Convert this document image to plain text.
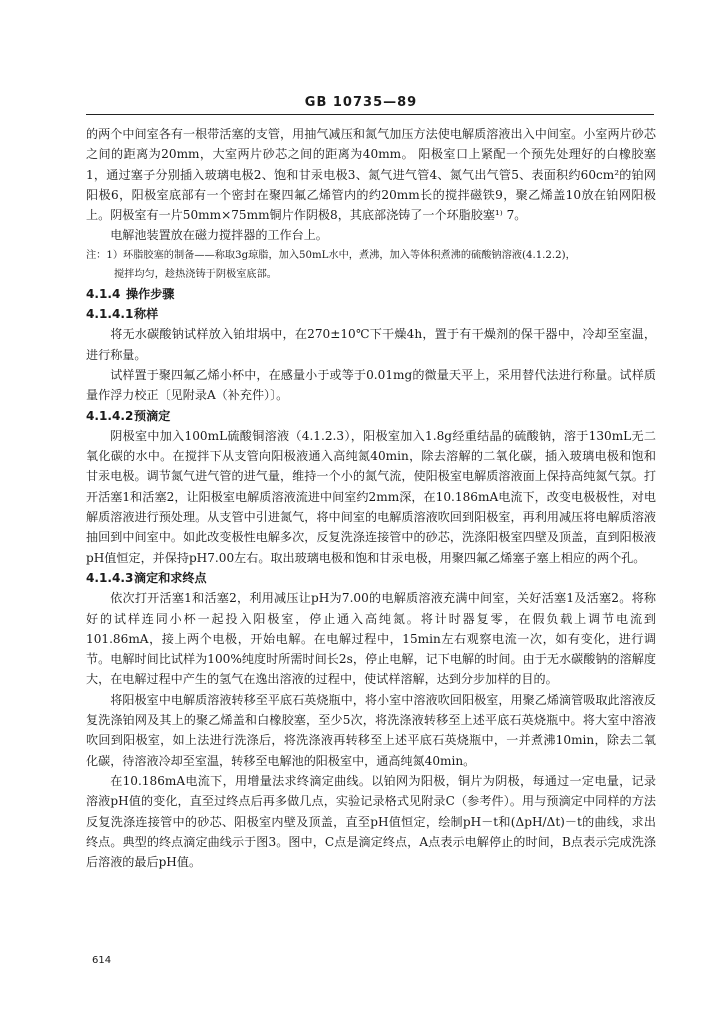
GB 10735—89

的两个中间室各有一根带活塞的支管，用抽气减压和氮气加压方法使电解质溶液出入中间室。小室两片砂芯之间的距离为20mm，大室两片砂芯之间的距离为40mm。 阳极室口上紧配一个预先处理好的白橡胶塞1，通过塞子分别插入玻璃电极2、饱和甘汞电极3、氮气进气管4、氮气出气管5、表面积约60cm²的铂网阳极6，阳极室底部有一个密封在聚四氟乙烯管内的约20mm长的搅拌磁铁9，聚乙烯盖10放在铂网阳极上。阴极室有一片50mm×75mm铜片作阴极8，其底部浇铸了一个环脂胶塞¹⁾ 7。

电解池装置放在磁力搅拌器的工作台上。

注：1）环脂胶塞的制备——称取3g琼脂，加入50mL水中，煮沸，加入等体积煮沸的硫酸钠溶液(4.1.2.2)，

搅拌均匀，趁热浇铸于阴极室底部。

4.1.4 操作步骤

4.1.4.1称样

将无水碳酸钠试样放入铂坩埚中，在270±10℃下干燥4h，置于有干燥剂的保干器中，冷却至室温，进行称量。

试样置于聚四氟乙烯小杯中，在感量小于或等于0.01mg的微量天平上，采用替代法进行称量。试样质量作浮力校正〔见附录A（补充件）〕。

4.1.4.2预滴定

阴极室中加入100mL硫酸铜溶液（4.1.2.3），阳极室加入1.8g经重结晶的硫酸钠，溶于130mL无二氧化碳的水中。在搅拌下从支管向阳极液通入高纯氮40min，除去溶解的二氧化碳，插入玻璃电极和饱和甘汞电极。调节氮气进气管的进气量，维持一个小的氮气流，使阳极室电解质溶液面上保持高纯氮气氛。打开活塞1和活塞2，让阳极室电解质溶液流进中间室约2mm深，在10.186mA电流下，改变电极极性，对电解质溶液进行预处理。从支管中引进氮气，将中间室的电解质溶液吹回到阳极室，再利用减压将电解质溶液抽回到中间室中。如此改变极性电解多次，反复洗涤连接管中的砂芯，洗涤阳极室四壁及顶盖，直到阳极液pH值恒定，并保持pH7.00左右。取出玻璃电极和饱和甘汞电极，用聚四氟乙烯塞子塞上相应的两个孔。

4.1.4.3滴定和求终点

依次打开活塞1和活塞2，利用减压让pH为7.00的电解质溶液充满中间室，关好活塞1及活塞2。将称好的试样连同小杯一起投入阳极室，停止通入高纯氮。将计时器复零，在假负载上调节电流到101.86mA，接上两个电极，开始电解。在电解过程中，15min左右观察电流一次，如有变化，进行调节。电解时间比试样为100%纯度时所需时间长2s，停止电解，记下电解的时间。由于无水碳酸钠的溶解度大，在电解过程中产生的氢气在逸出溶液的过程中，使试样溶解，达到分步加样的目的。

将阳极室中电解质溶液转移至平底石英烧瓶中，将小室中溶液吹回阳极室，用聚乙烯滴管吸取此溶液反复洗涤铂网及其上的聚乙烯盖和白橡胶塞，至少5次，将洗涤液转移至上述平底石英烧瓶中。将大室中溶液吹回到阳极室，如上法进行洗涤后，将洗涤液再转移至上述平底石英烧瓶中，一并煮沸10min，除去二氧化碳，待溶液冷却至室温，转移至电解池的阳极室中，通高纯氮40min。

在10.186mA电流下，用增量法求终滴定曲线。以铂网为阳极，铜片为阴极，每通过一定电量，记录溶液pH值的变化，直至过终点后再多做几点，实验记录格式见附录C（参考件）。用与预滴定中同样的方法反复洗涤连接管中的砂芯、阳极室内壁及顶盖，直至pH值恒定，绘制pH－t和(ΔpH/Δt)－t的曲线，求出终点。典型的终点滴定曲线示于图3。图中，C点是滴定终点，A点表示电解停止的时间，B点表示完成洗涤后溶液的最后pH值。

614
